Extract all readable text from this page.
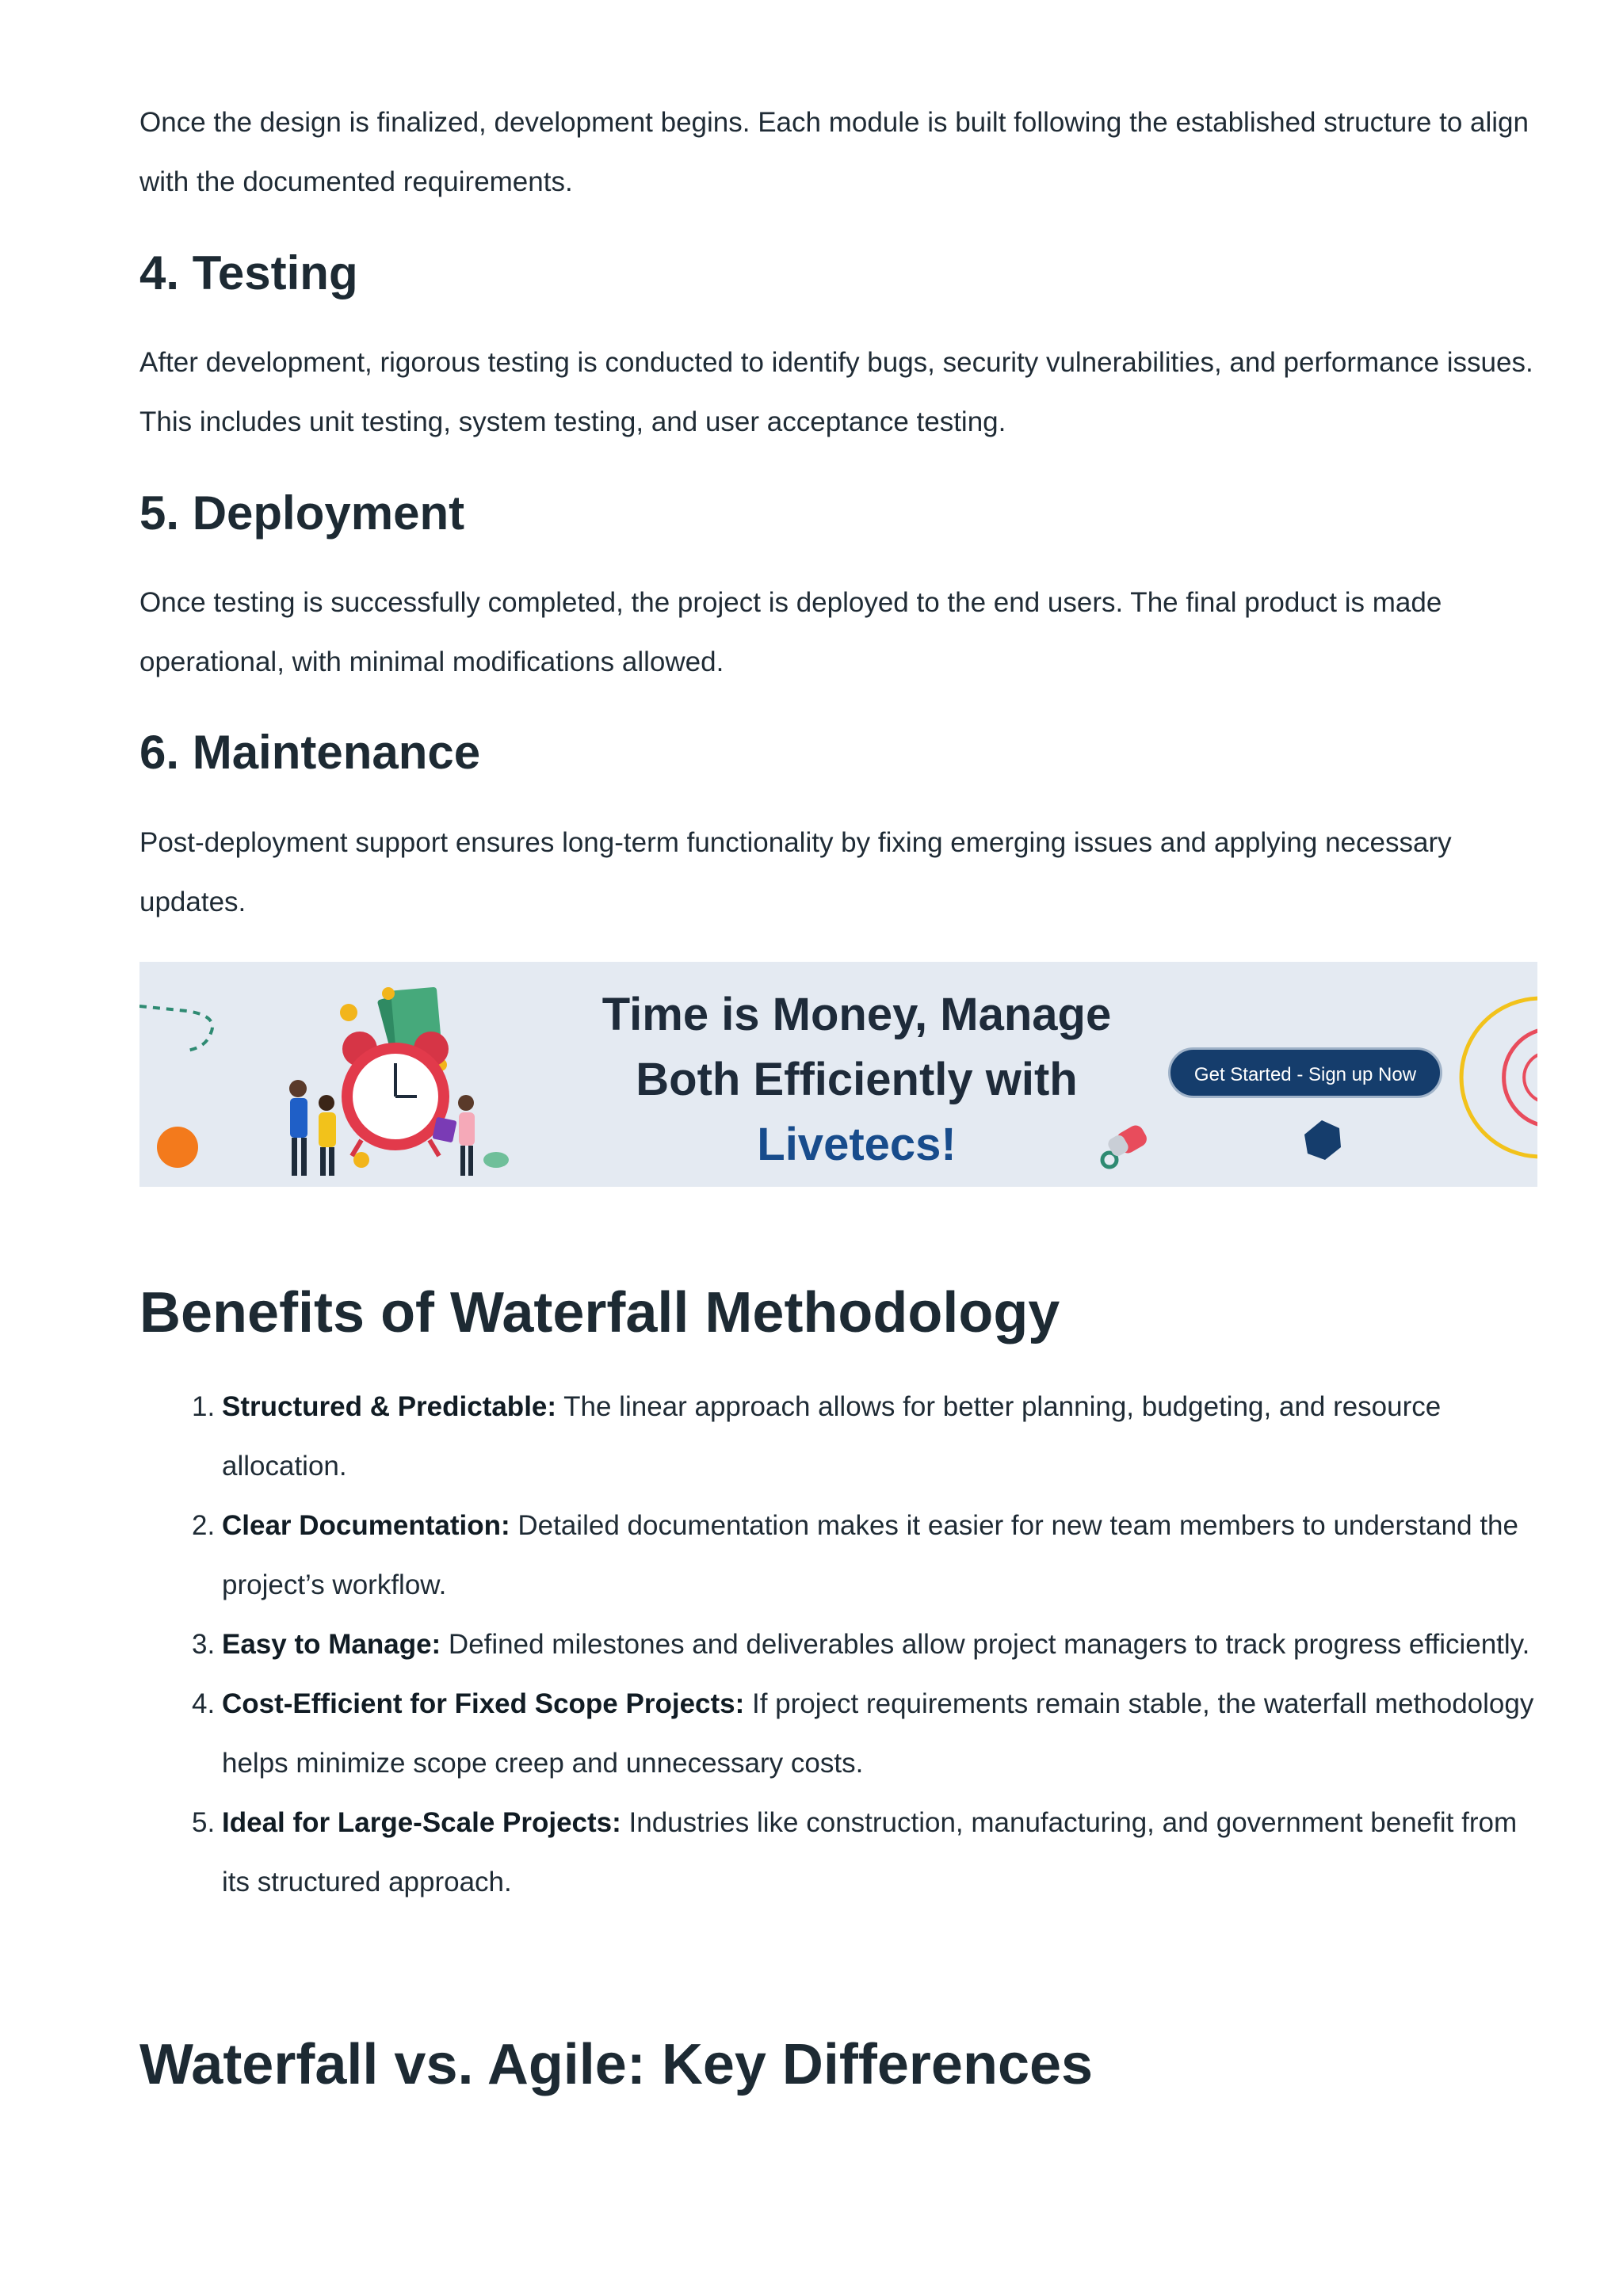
Once the design is finalized, development begins. Each module is built following the established structure to align with the documented requirements.

4. Testing

After development, rigorous testing is conducted to identify bugs, security vulnerabilities, and performance issues. This includes unit testing, system testing, and user acceptance testing.

5. Deployment

Once testing is successfully completed, the project is deployed to the end users. The final product is made operational, with minimal modifications allowed.

6. Maintenance

Post-deployment support ensures long-term functionality by fixing emerging issues and applying necessary updates.

Time is Money, Manage
Both Efficiently with
Livetecs!
Get Started - Sign up Now
Benefits of Waterfall Methodology
1. Structured & Predictable: The linear approach allows for better planning, budgeting, and resource allocation.
2. Clear Documentation: Detailed documentation makes it easier for new team members to understand the project’s workflow.
3. Easy to Manage: Defined milestones and deliverables allow project managers to track progress efficiently.
4. Cost-Efficient for Fixed Scope Projects: If project requirements remain stable, the waterfall methodology helps minimize scope creep and unnecessary costs.
5. Ideal for Large-Scale Projects: Industries like construction, manufacturing, and government benefit from its structured approach.
Waterfall vs. Agile: Key Differences
